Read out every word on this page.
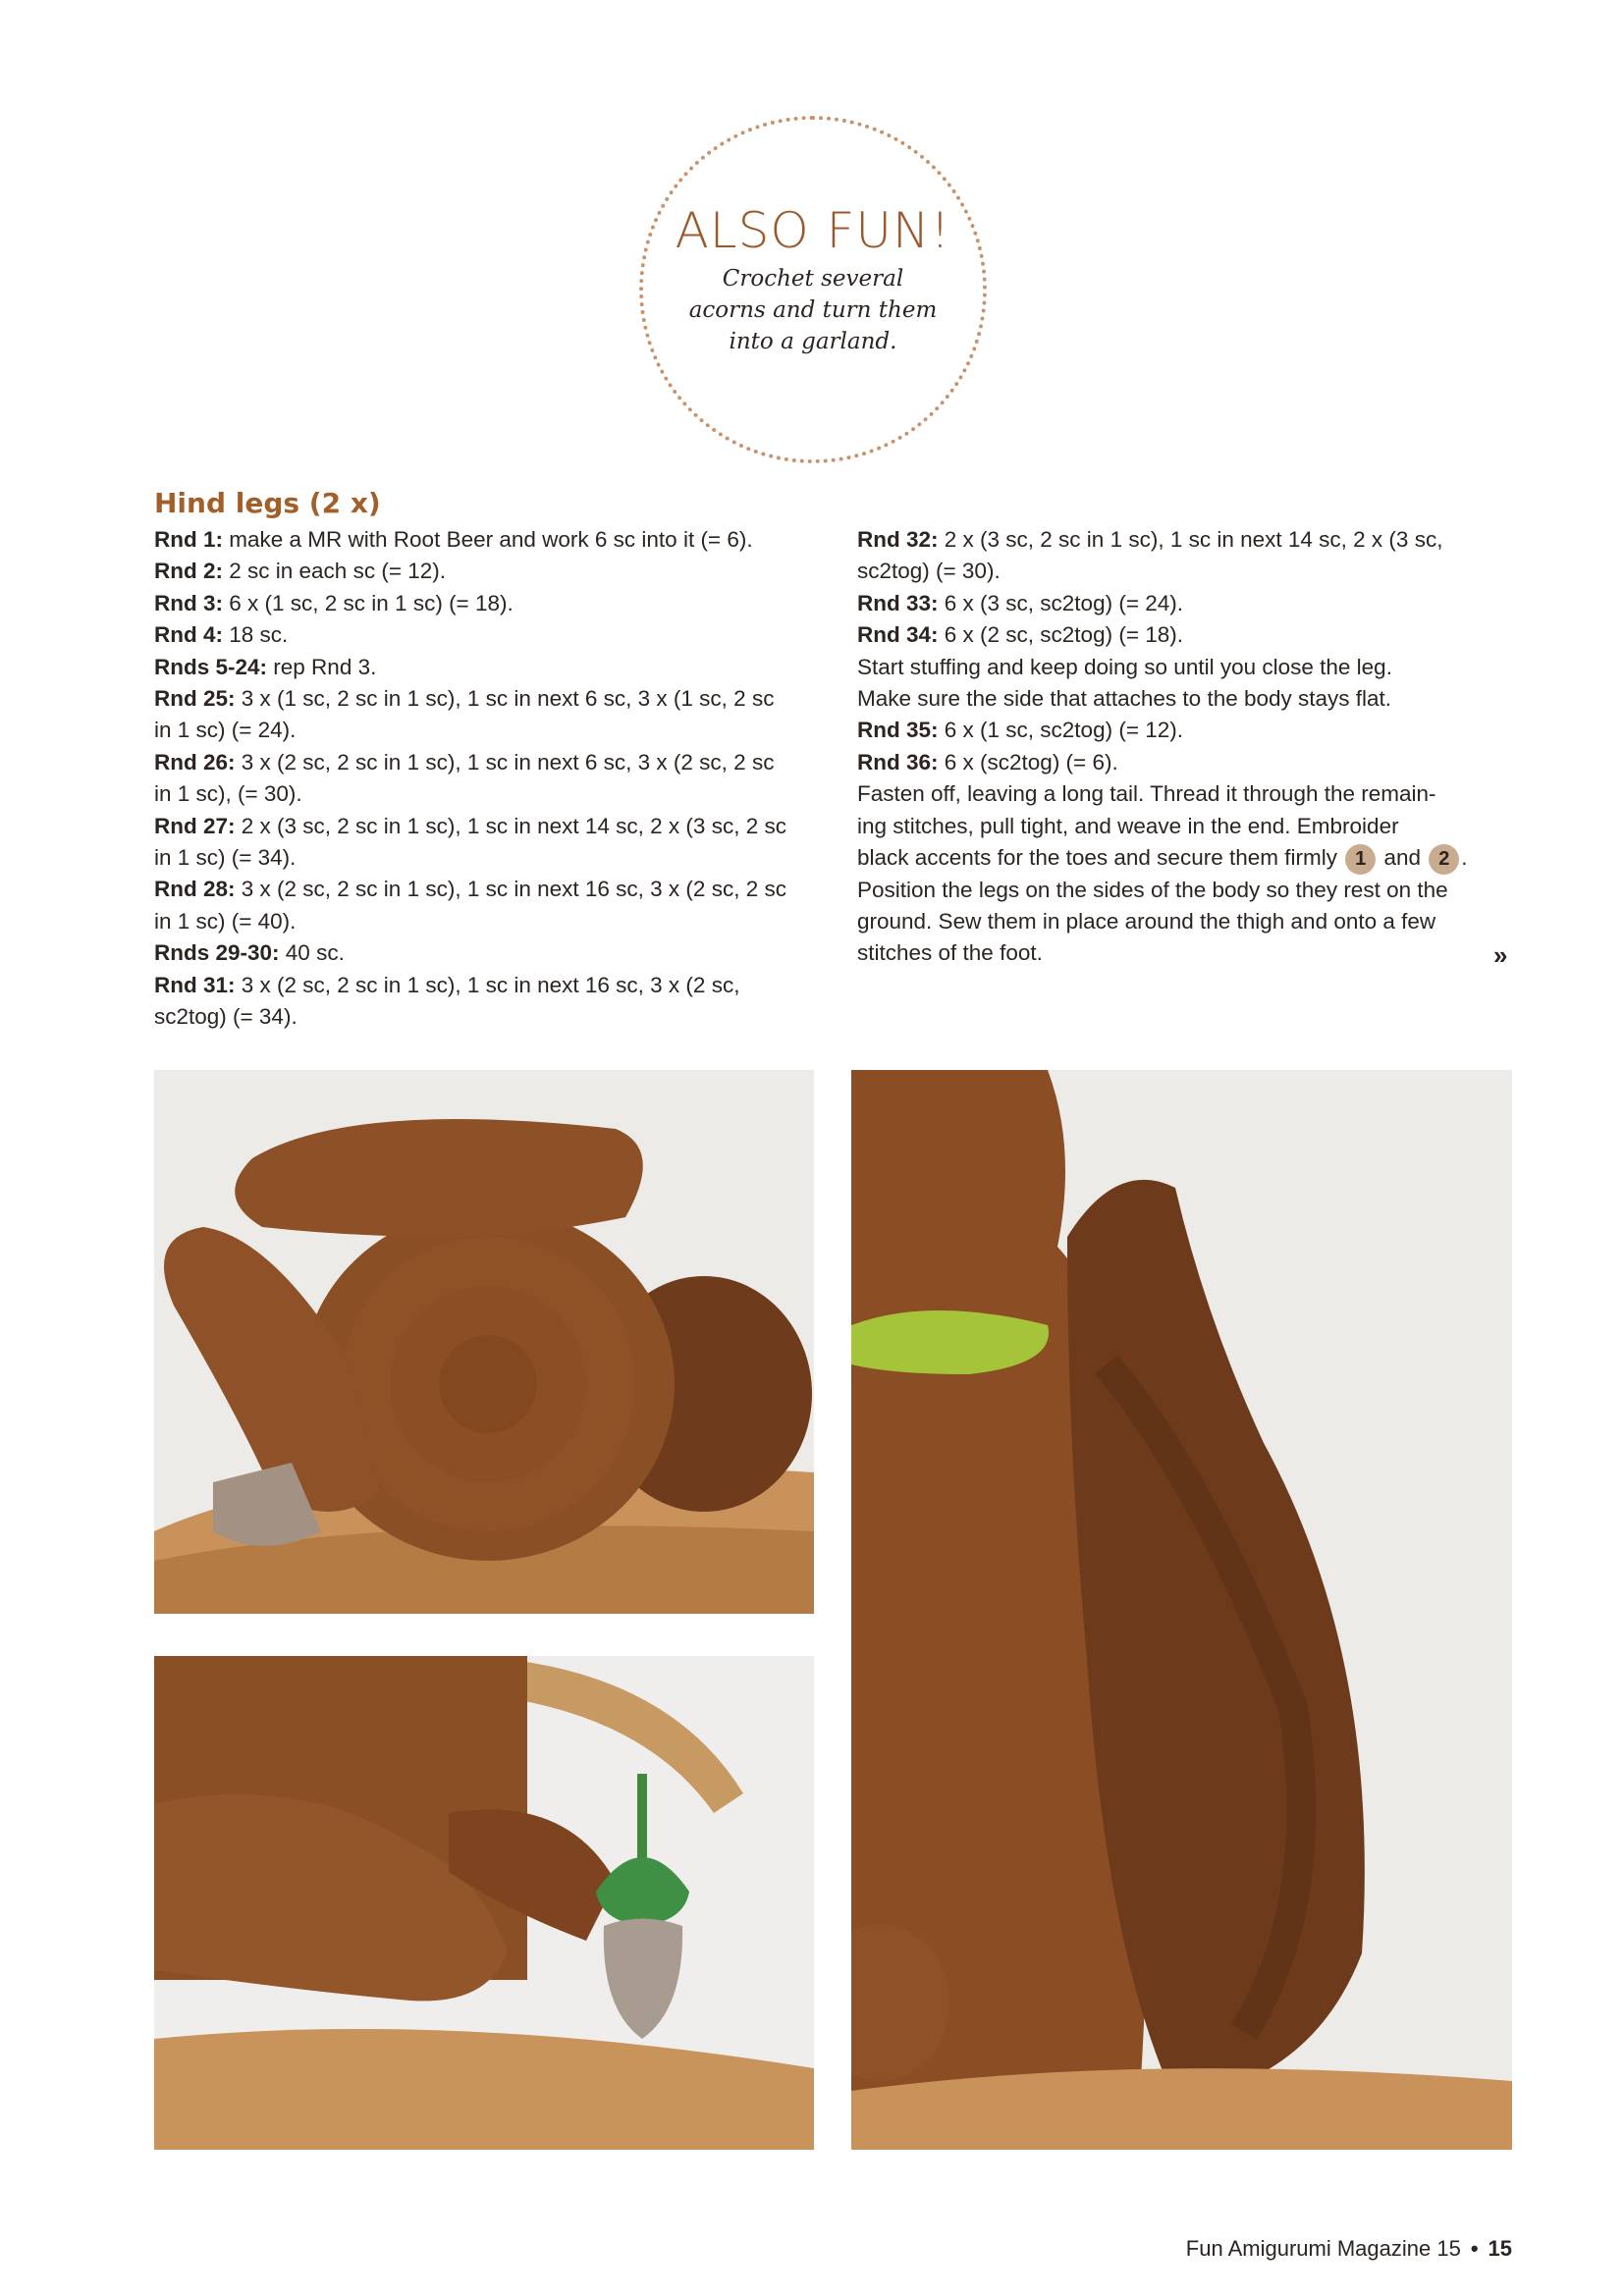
ALSO FUN!
Crochet several
acorns and turn them
into a garland.
Hind legs (2 x)
Rnd 1: make a MR with Root Beer and work 6 sc into it (= 6).
Rnd 2: 2 sc in each sc (= 12).
Rnd 3: 6 x (1 sc, 2 sc in 1 sc) (= 18).
Rnd 4: 18 sc.
Rnds 5-24: rep Rnd 3.
Rnd 25: 3 x (1 sc, 2 sc in 1 sc), 1 sc in next 6 sc, 3 x (1 sc, 2 sc
in 1 sc) (= 24).
Rnd 26: 3 x (2 sc, 2 sc in 1 sc), 1 sc in next 6 sc, 3 x (2 sc, 2 sc
in 1 sc), (= 30).
Rnd 27: 2 x (3 sc, 2 sc in 1 sc), 1 sc in next 14 sc, 2 x (3 sc, 2 sc
in 1 sc) (= 34).
Rnd 28: 3 x (2 sc, 2 sc in 1 sc), 1 sc in next 16 sc, 3 x (2 sc, 2 sc
in 1 sc) (= 40).
Rnds 29-30: 40 sc.
Rnd 31: 3 x (2 sc, 2 sc in 1 sc), 1 sc in next 16 sc, 3 x (2 sc,
sc2tog) (= 34).
Rnd 32: 2 x (3 sc, 2 sc in 1 sc), 1 sc in next 14 sc, 2 x (3 sc,
sc2tog) (= 30).
Rnd 33: 6 x (3 sc, sc2tog) (= 24).
Rnd 34: 6 x (2 sc, sc2tog) (= 18).
Start stuffing and keep doing so until you close the leg.
Make sure the side that attaches to the body stays flat.
Rnd 35: 6 x (1 sc, sc2tog) (= 12).
Rnd 36: 6 x (sc2tog) (= 6).
Fasten off, leaving a long tail. Thread it through the remain-
ing stitches, pull tight, and weave in the end. Embroider
black accents for the toes and secure them firmly 1 and 2 .
Position the legs on the sides of the body so they rest on the
ground. Sew them in place around the thigh and onto a few
stitches of the foot.	»
Fun Amigurumi Magazine 15 • 15
